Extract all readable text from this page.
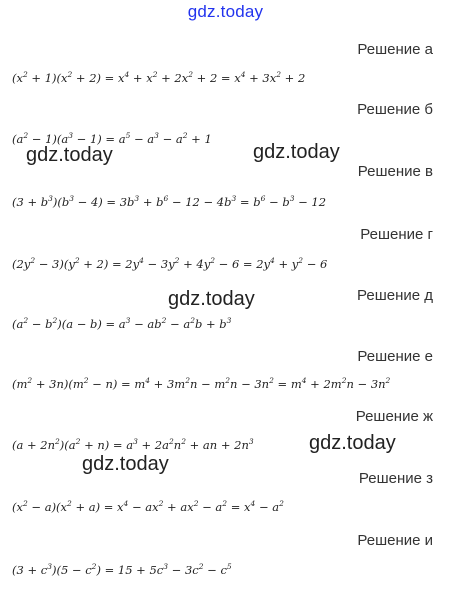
gdz.today
Решение а
$(x^2 + 1)(x^2 + 2) = x^4 + x^2 + 2x^2 + 2 = x^4 + 3x^2 + 2$
Решение б
$(a^2 - 1)(a^3 - 1) = a^5 - a^3 - a^2 + 1$
Решение в
$(3 + b^3)(b^3 - 4) = 3b^3 + b^6 - 12 - 4b^3 = b^6 - b^3 - 12$
Решение г
$(2y^2 - 3)(y^2 + 2) = 2y^4 - 3y^2 + 4y^2 - 6 = 2y^4 + y^2 - 6$
Решение д
$(a^2 - b^2)(a - b) = a^3 - ab^2 - a^2b + b^3$
Решение е
$(m^2 + 3n)(m^2 - n) = m^4 + 3m^2n - m^2n - 3n^2 = m^4 + 2m^2n - 3n^2$
Решение ж
$(a + 2n^2)(a^2 + n) = a^3 + 2a^2n^2$ + an + $2n^3$
Решение з
$(x^2 - a)(x^2 + a) = x^4 - ax^2 + ax^2 - a^2 = x^4 - a^2$
Решение и
$(3 + c^3)(5 - c^2) = 15 + 5c^3 - 3c^2 - c^5$
gdz.today	gdz.today
gdz.today
gdz.today
gdz.today
